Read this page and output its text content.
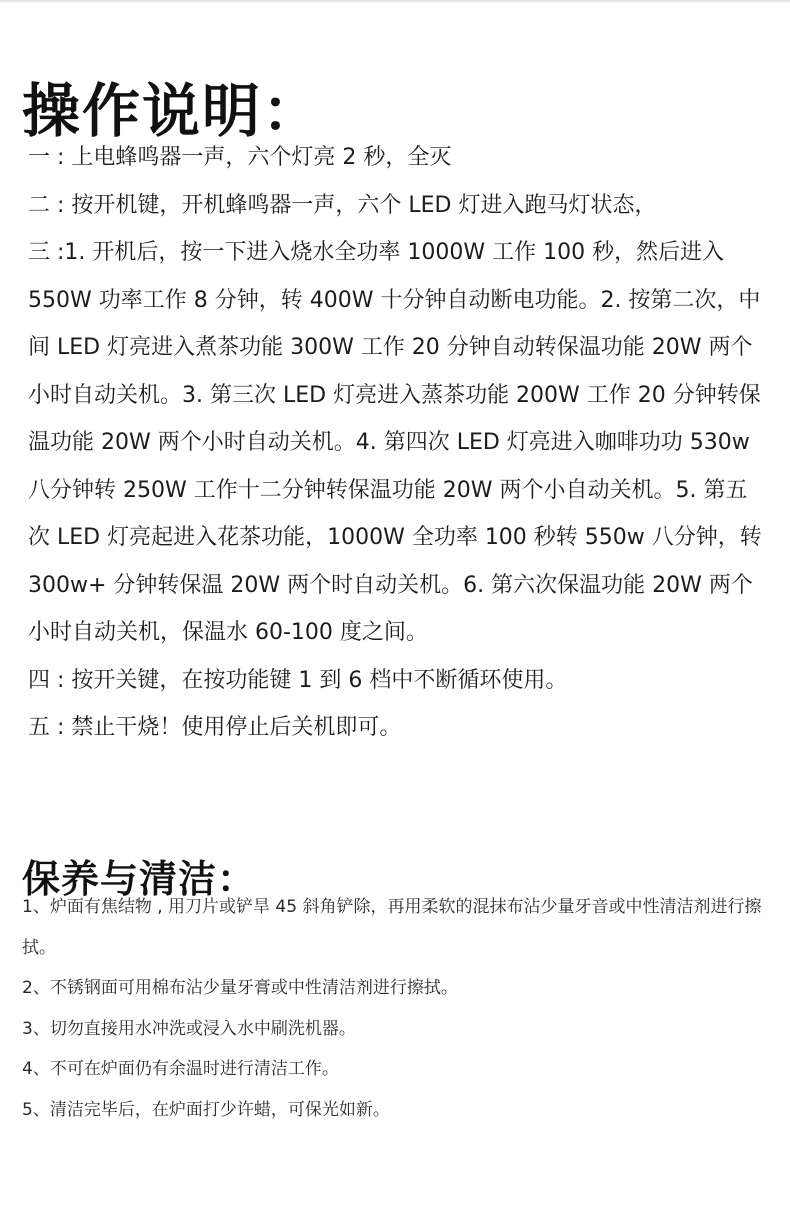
操作说明：

一 : 上电蜂鸣器一声，六个灯亮 2 秒，全灭

二 : 按开机键，开机蜂鸣器一声，六个 LED 灯进入跑马灯状态，

三 :1. 开机后，按一下进入烧水全功率 1000W 工作 100 秒，然后进入 550W 功率工作 8 分钟，转 400W 十分钟自动断电功能。2. 按第二次，中间 LED 灯亮进入煮茶功能 300W 工作 20 分钟自动转保温功能 20W 两个小时自动关机。3. 第三次 LED 灯亮进入蒸茶功能 200W 工作 20 分钟转保温功能 20W 两个小时自动关机。4. 第四次 LED 灯亮进入咖啡功功 530w 八分钟转 250W 工作十二分钟转保温功能 20W 两个小自动关机。5. 第五次 LED 灯亮起进入花茶功能，1000W 全功率 100 秒转 550w 八分钟，转 300w+ 分钟转保温 20W 两个时自动关机。6. 第六次保温功能 20W 两个小时自动关机，保温水 60-100 度之间。

四 : 按开关键，在按功能键 1 到 6 档中不断循环使用。

五 : 禁止干烧！使用停止后关机即可。

保养与清洁：

1、炉面有焦结物 , 用刀片或铲旱 45 斜角铲除，再用柔软的混抹布沾少量牙音或中性清洁剂进行擦拭。

2、不锈钢面可用棉布沾少量牙膏或中性清洁剂进行擦拭。

3、切勿直接用水冲洗或浸入水中刷洗机器。

4、不可在炉面仍有余温时进行清洁工作。

5、清洁完毕后，在炉面打少许蜡，可保光如新。
